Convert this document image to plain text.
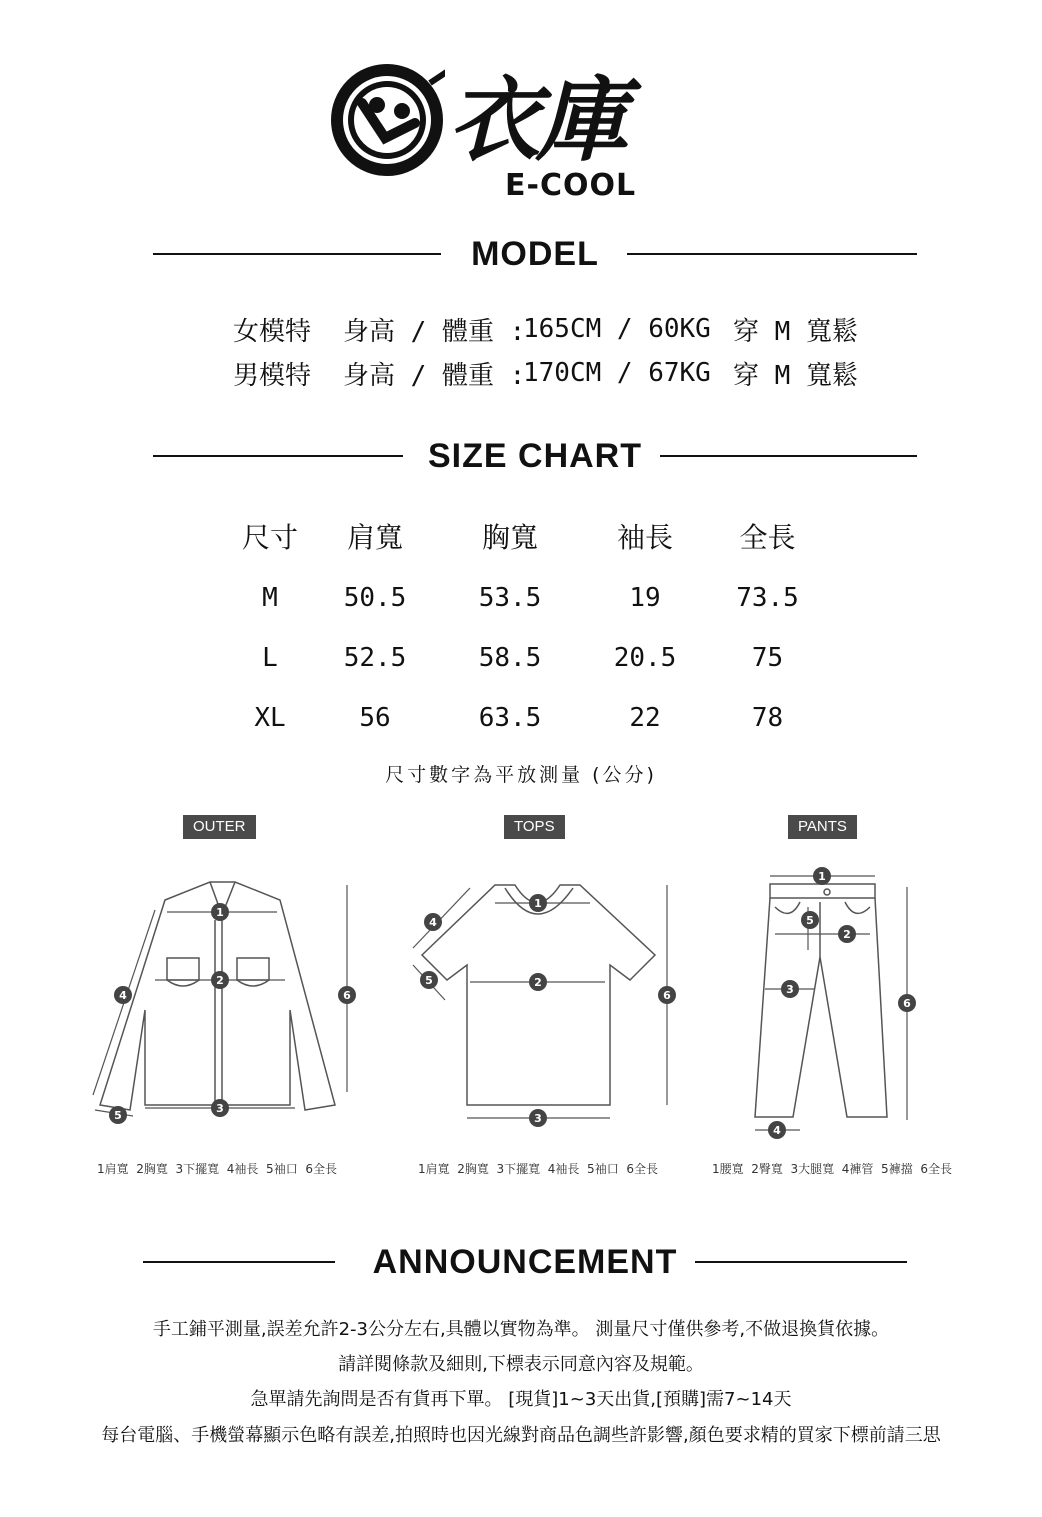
衣庫
E-COOL
MODEL
女模特	身高 / 體重 :
165CM / 60KG 穿 M 寬鬆
男模特	身高 / 體重 :
170CM / 67KG 穿 M 寬鬆
SIZE CHART
尺寸	肩寬	胸寬	袖長	全長
M	50.5	53.5	19	73.5
L	52.5	58.5	20.5	75
XL	56	63.5	22	78
尺寸數字為平放測量 (公分)
OUTER	TOPS	PANTS
1
2
3
4
5
6
1肩寬  2胸寬  3下擺寬  4袖長  5袖口  6全長
1
2
3
4
5
6
1肩寬  2胸寬  3下擺寬  4袖長  5袖口  6全長
1
2
3
4
5
6
1腰寬  2臀寬  3大腿寬  4褲管  5褲擋  6全長
ANNOUNCEMENT
手工鋪平測量,誤差允許2-3公分左右,具體以實物為準。 測量尺寸僅供參考,不做退換貨依據。
請詳閱條款及細則,下標表示同意內容及規範。
急單請先詢問是否有貨再下單。 [現貨]1~3天出貨,[預購]需7~14天
每台電腦、手機螢幕顯示色略有誤差,拍照時也因光線對商品色調些許影響,顏色要求精的買家下標前請三思
